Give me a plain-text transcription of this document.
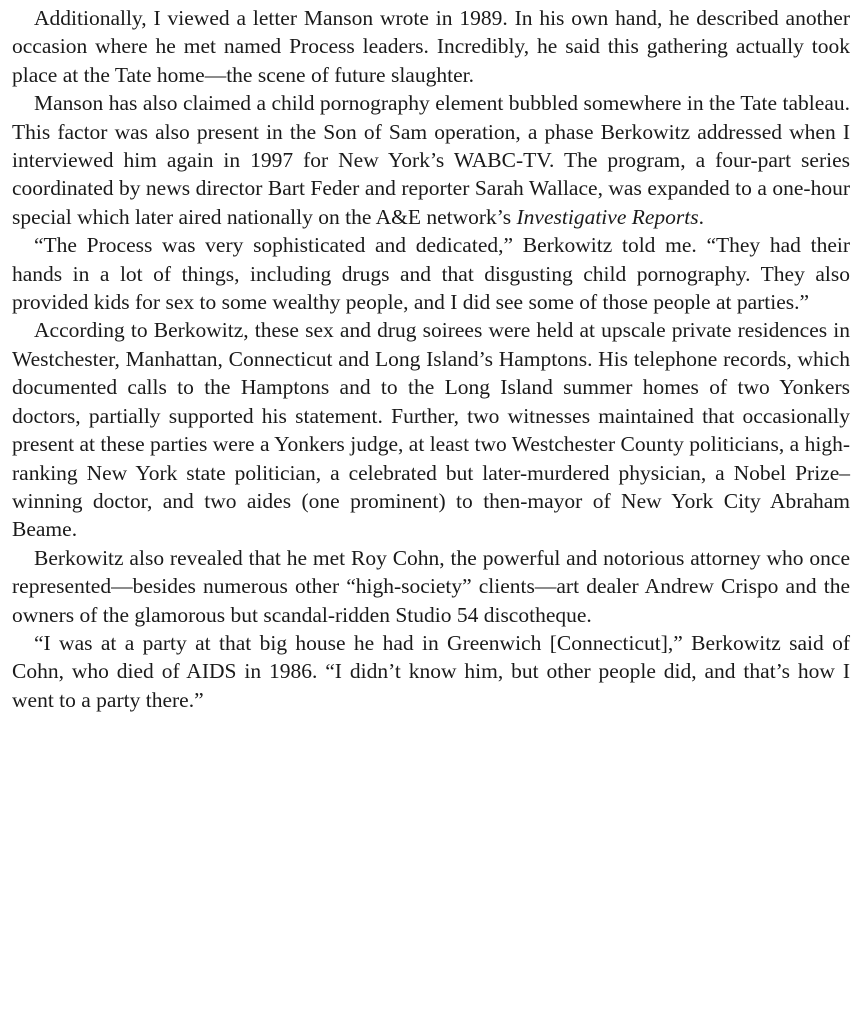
Additionally, I viewed a letter Manson wrote in 1989. In his own hand, he described another occasion where he met named Process leaders. Incredibly, he said this gathering actually took place at the Tate home—the scene of future slaughter.

Manson has also claimed a child pornography element bubbled somewhere in the Tate tableau. This factor was also present in the Son of Sam operation, a phase Berkowitz addressed when I interviewed him again in 1997 for New York’s WABC-TV. The program, a four-part series coordinated by news director Bart Feder and reporter Sarah Wallace, was expanded to a one-hour special which later aired nationally on the A&E network’s Investigative Reports.

“The Process was very sophisticated and dedicated,” Berkowitz told me. “They had their hands in a lot of things, including drugs and that disgusting child pornography. They also provided kids for sex to some wealthy people, and I did see some of those people at parties.”

According to Berkowitz, these sex and drug soirees were held at upscale private residences in Westchester, Manhattan, Connecticut and Long Island’s Hamptons. His telephone records, which documented calls to the Hamptons and to the Long Island summer homes of two Yonkers doctors, partially supported his statement. Further, two witnesses maintained that occasionally present at these parties were a Yonkers judge, at least two Westchester County politicians, a high-ranking New York state politician, a celebrated but later-murdered physician, a Nobel Prize–winning doctor, and two aides (one prominent) to then-mayor of New York City Abraham Beame.

Berkowitz also revealed that he met Roy Cohn, the powerful and notorious attorney who once represented—besides numerous other “high-society” clients—art dealer Andrew Crispo and the owners of the glamorous but scandal-ridden Studio 54 discotheque.

“I was at a party at that big house he had in Greenwich [Connecticut],” Berkowitz said of Cohn, who died of AIDS in 1986. “I didn’t know him, but other people did, and that’s how I went to a party there.”
